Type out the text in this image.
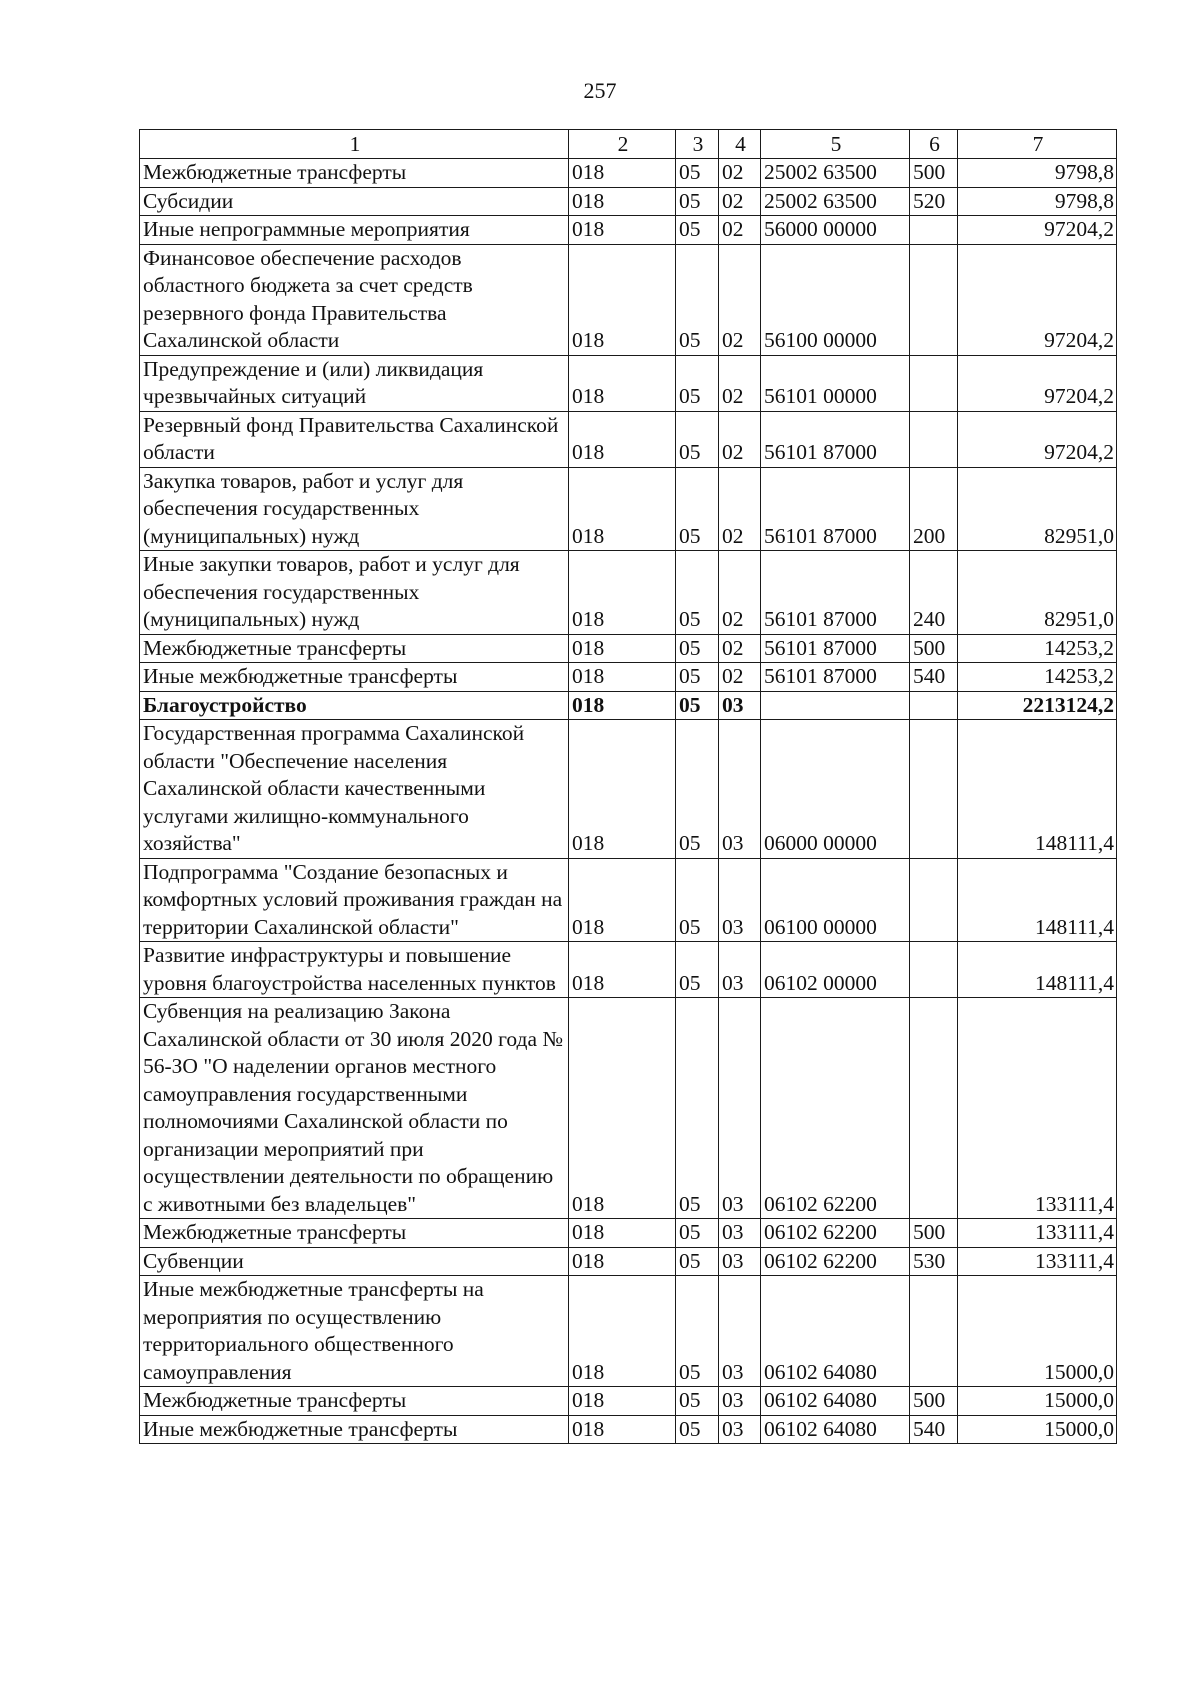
257
1	2	3	4	5	6	7
Межбюджетные трансферты	018	05	02	25002 63500	500	9798,8
Субсидии	018	05	02	25002 63500	520	9798,8
Иные непрограммные мероприятия	018	05	02	56000 00000		97204,2
Финансовое обеспечение расходов областного бюджета за счет средств резервного фонда Правительства Сахалинской области	018	05	02	56100 00000		97204,2
Предупреждение и (или) ликвидация чрезвычайных ситуаций	018	05	02	56101 00000		97204,2
Резервный фонд Правительства Сахалинской области	018	05	02	56101 87000		97204,2
Закупка товаров, работ и услуг для обеспечения государственных (муниципальных) нужд	018	05	02	56101 87000	200	82951,0
Иные закупки товаров, работ и услуг для обеспечения государственных (муниципальных) нужд	018	05	02	56101 87000	240	82951,0
Межбюджетные трансферты	018	05	02	56101 87000	500	14253,2
Иные межбюджетные трансферты	018	05	02	56101 87000	540	14253,2
Благоустройство	018	05	03			2213124,2
Государственная программа Сахалинской области "Обеспечение населения Сахалинской области качественными услугами жилищно-коммунального хозяйства"	018	05	03	06000 00000		148111,4
Подпрограмма "Создание безопасных и комфортных условий проживания граждан на территории Сахалинской области"	018	05	03	06100 00000		148111,4
Развитие инфраструктуры и повышение уровня благоустройства населенных пунктов	018	05	03	06102 00000		148111,4
Субвенция на реализацию Закона Сахалинской области от 30 июля 2020 года № 56-ЗО "О наделении органов местного самоуправления государственными полномочиями Сахалинской области по организации мероприятий при осуществлении деятельности по обращению с животными без владельцев"	018	05	03	06102 62200		133111,4
Межбюджетные трансферты	018	05	03	06102 62200	500	133111,4
Субвенции	018	05	03	06102 62200	530	133111,4
Иные межбюджетные трансферты на мероприятия по осуществлению территориального общественного самоуправления	018	05	03	06102 64080		15000,0
Межбюджетные трансферты	018	05	03	06102 64080	500	15000,0
Иные межбюджетные трансферты	018	05	03	06102 64080	540	15000,0
